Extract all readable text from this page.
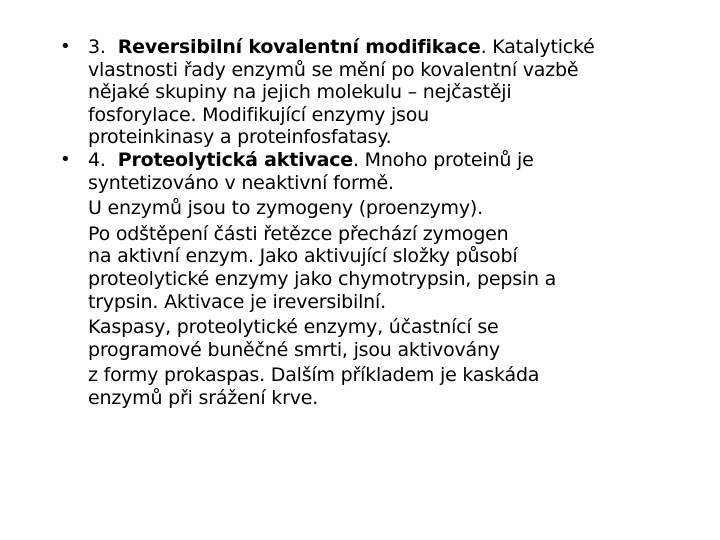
• 3. Reversibilní kovalentní modifikace. Katalytické
vlastnosti řady enzymů se mění po kovalentní vazbě
nějaké skupiny na jejich molekulu – nejčastěji
fosforylace. Modifikující enzymy jsou
proteinkinasy a proteinfosfatasy.
• 4. Proteolytická aktivace. Mnoho proteinů je
syntetizováno v neaktivní formě.
U enzymů jsou to zymogeny (proenzymy).
Po odštěpení části řetězce přechází zymogen
na aktivní enzym. Jako aktivující složky působí
proteolytické enzymy jako chymotrypsin, pepsin a
trypsin. Aktivace je ireversibilní.
Kaspasy, proteolytické enzymy, účastnící se
programové buněčné smrti, jsou aktivovány
z formy prokaspas. Dalším příkladem je kaskáda
enzymů při srážení krve.
